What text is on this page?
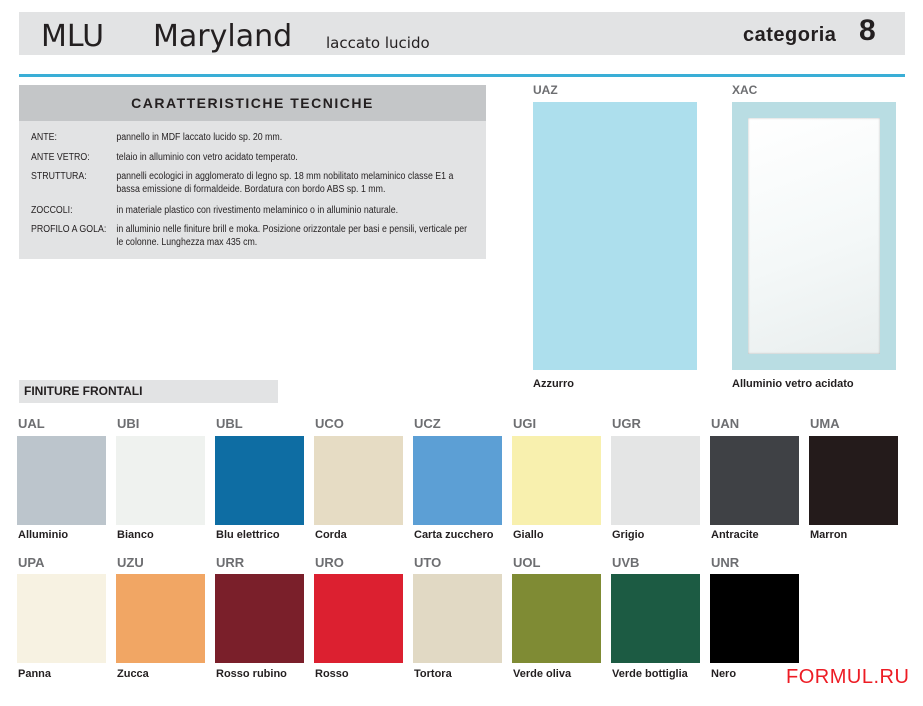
MLU Maryland laccato lucido	categoria 8
CARATTERISTICHE TECNICHE
ANTE:	pannello in MDF laccato lucido sp. 20 mm.
ANTE VETRO:	telaio in alluminio con vetro acidato temperato.
STRUTTURA:	pannelli ecologici in agglomerato di legno sp. 18 mm nobilitato melaminico classe E1 a bassa emissione di formaldeide. Bordatura con bordo ABS sp. 1 mm.
ZOCCOLI:	in materiale plastico con rivestimento melaminico o in alluminio naturale.
PROFILO A GOLA: in alluminio nelle finiture brill e moka. Posizione orizzontale per basi e pensili, verticale per le colonne. Lunghezza max 435 cm.
UAZ
Azzurro
XAC
Alluminio vetro acidato
FINITURE FRONTALI
UAL
Alluminio
UBI
Bianco
UBL
Blu elettrico
UCO
Corda
UCZ
Carta zucchero
UGI
Giallo
UGR
Grigio
UAN
Antracite
UMA
Marron
UPA
Panna
UZU
Zucca
URR
Rosso rubino
URO
Rosso
UTO
Tortora
UOL
Verde oliva
UVB
Verde bottiglia
UNR
Nero FORMUL.RU
